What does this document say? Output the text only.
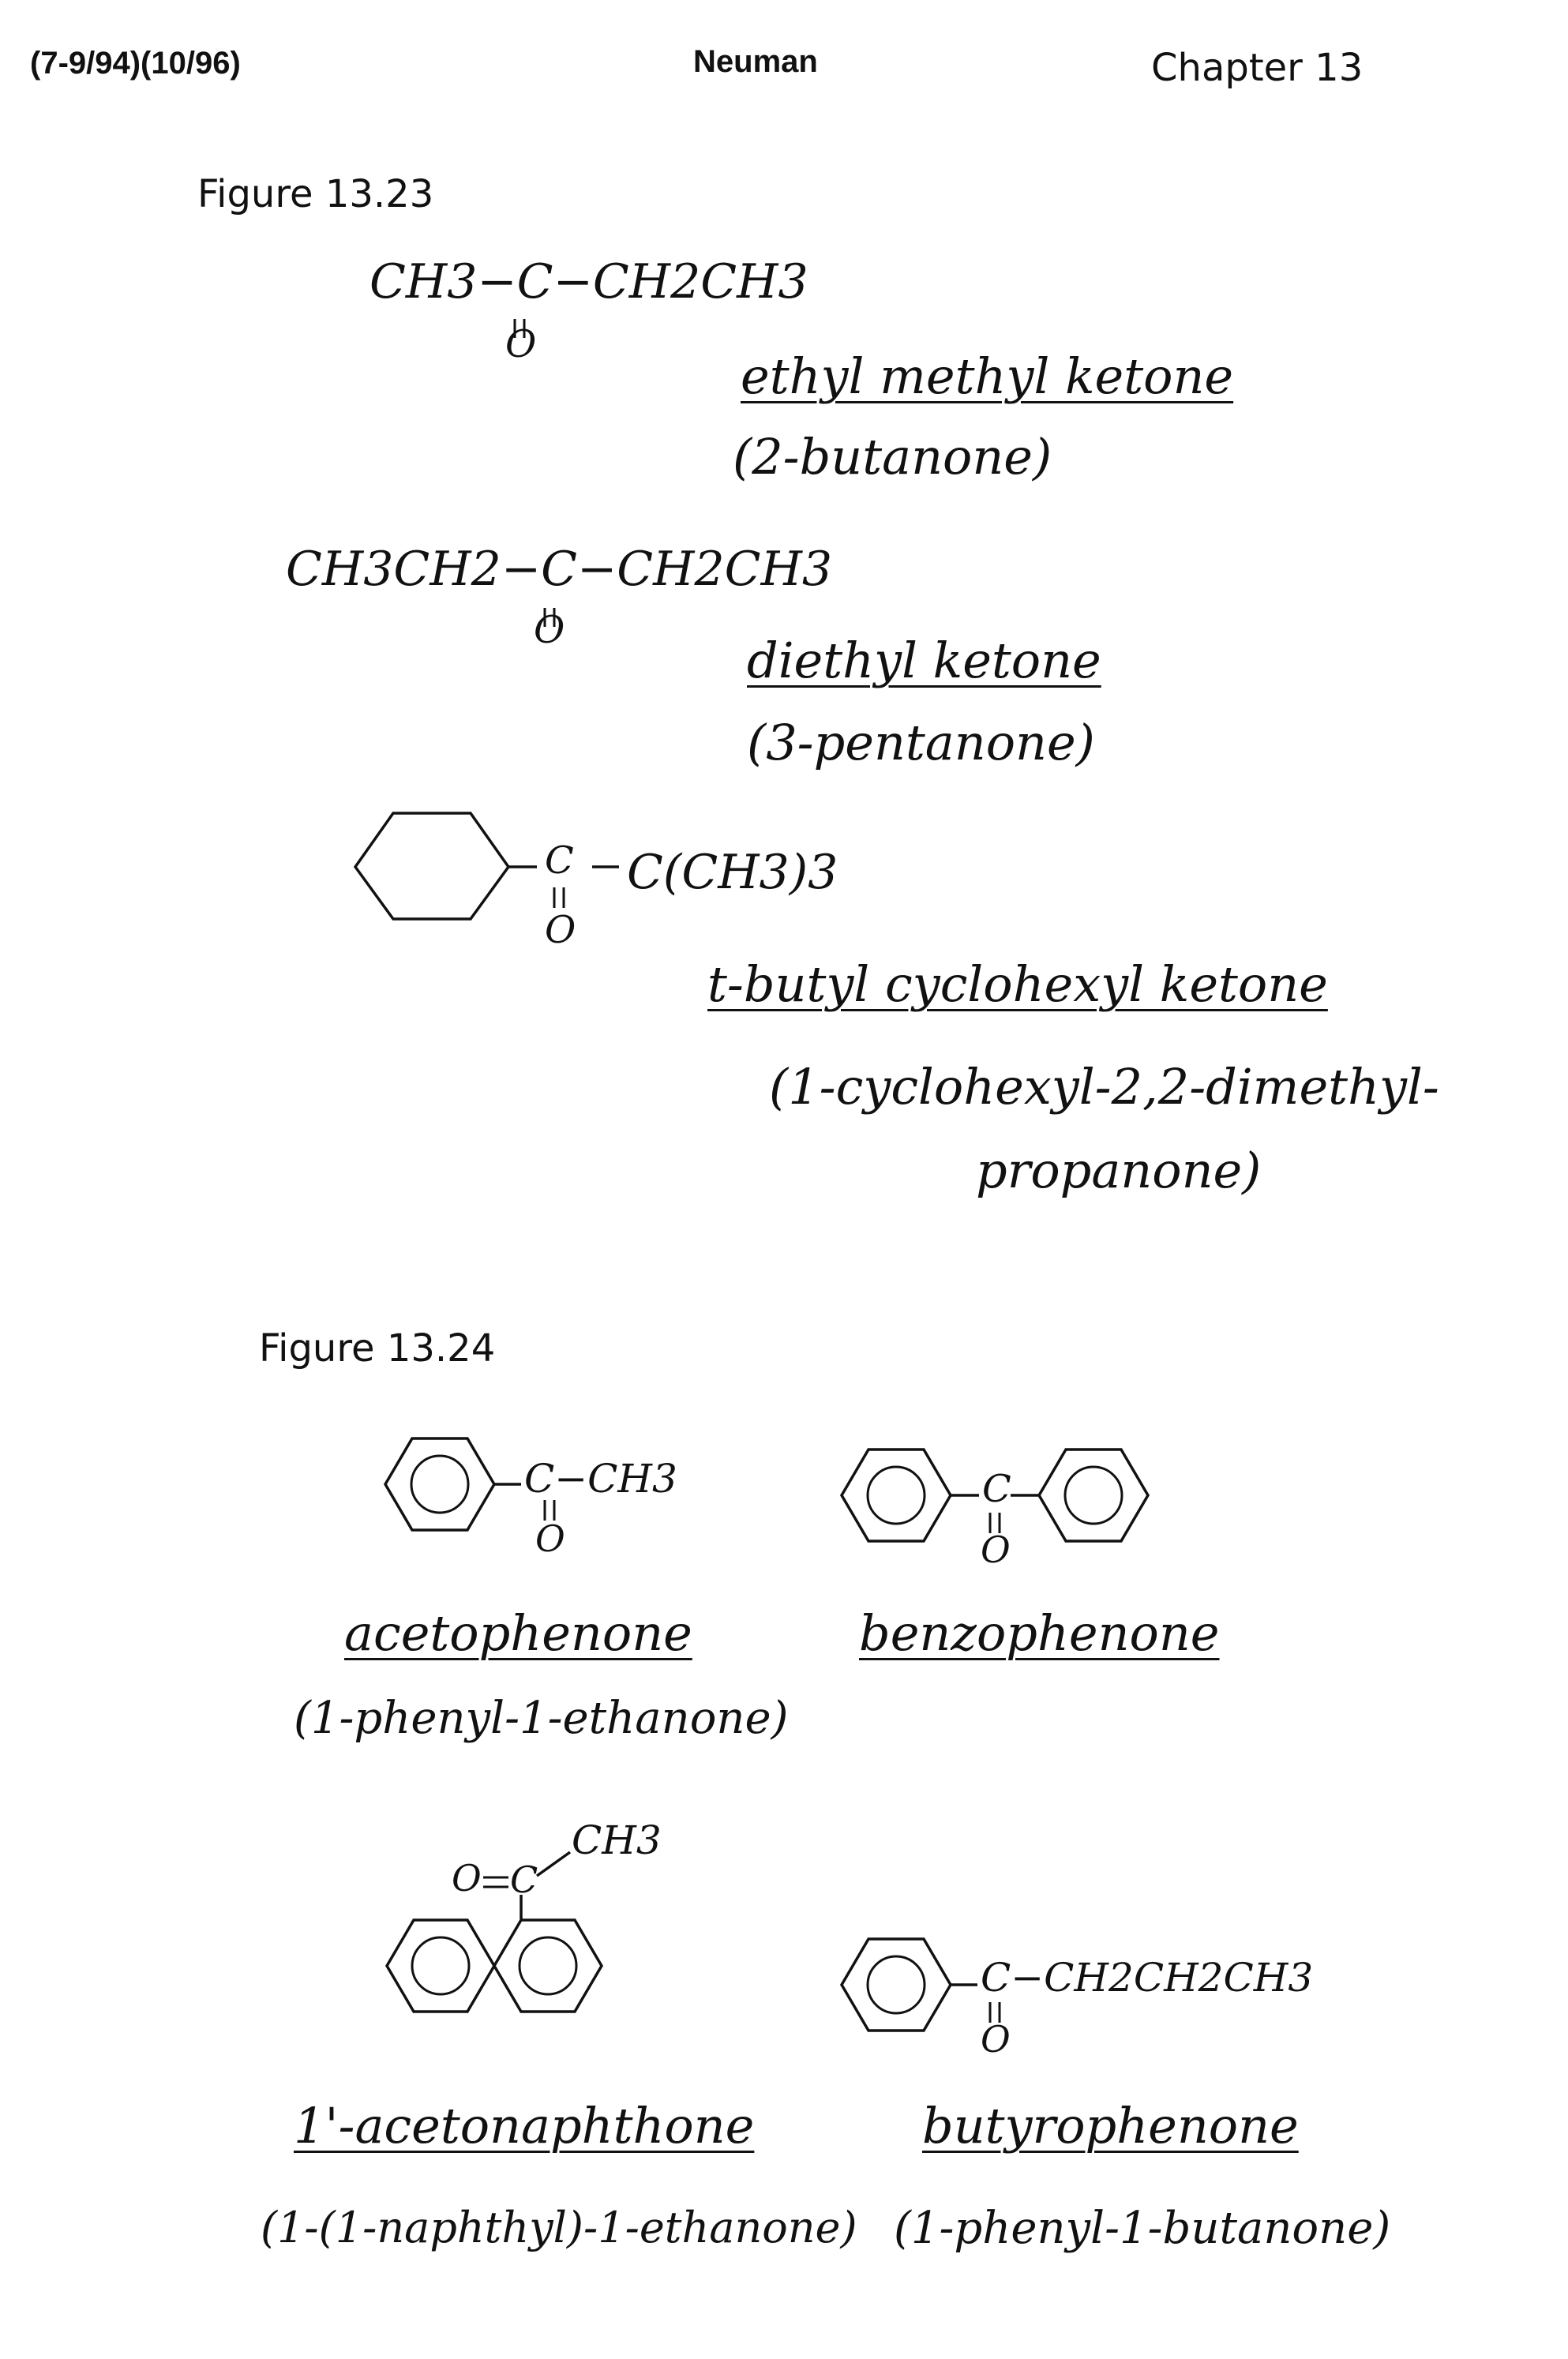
(7-9/94)(10/96)	Neuman	Chapter 13
Figure 13.23
CH3−C−CH2CH3
O
ethyl methyl ketone
(2-butanone)
CH3CH2−C−CH2CH3
O
diethyl ketone
(3-pentanone)
C
O
C(CH3)3
t-butyl cyclohexyl ketone
(1-cyclohexyl-2,2-dimethyl-
propanone)
Figure 13.24
C−CH3
O
acetophenone
(1-phenyl-1-ethanone)
C
O
benzophenone
O C
CH3
1'-acetonaphthone
(1-(1-naphthyl)-1-ethanone)
C−CH2CH2CH3
O
butyrophenone
(1-phenyl-1-butanone)
